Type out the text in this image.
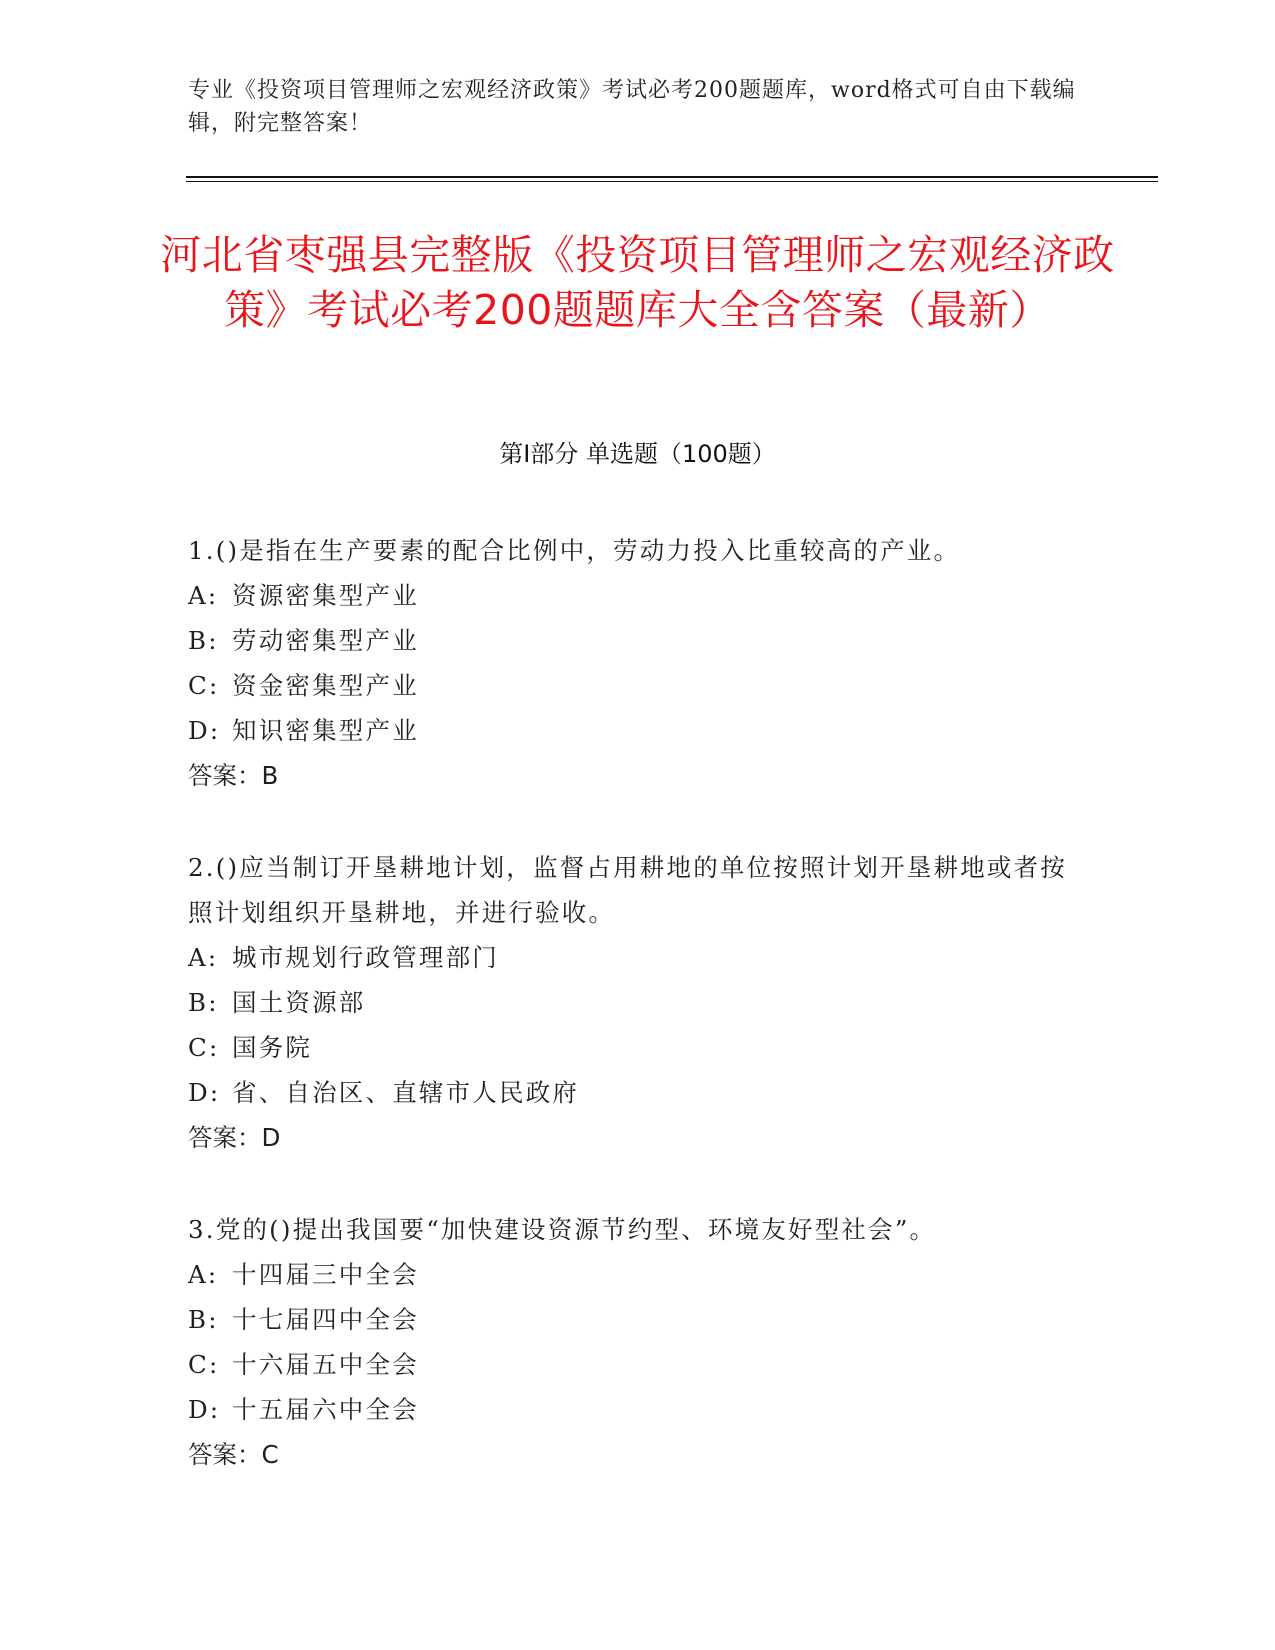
专业《投资项目管理师之宏观经济政策》考试必考200题题库，word格式可自由下载编辑，附完整答案！
河北省枣强县完整版《投资项目管理师之宏观经济政策》考试必考200题题库大全含答案（最新）
第I部分 单选题（100题）
1.()是指在生产要素的配合比例中，劳动力投入比重较高的产业。
A: 资源密集型产业
B: 劳动密集型产业
C: 资金密集型产业
D: 知识密集型产业
答案：B
2.()应当制订开垦耕地计划，监督占用耕地的单位按照计划开垦耕地或者按照计划组织开垦耕地，并进行验收。
A: 城市规划行政管理部门
B: 国土资源部
C: 国务院
D: 省、自治区、直辖市人民政府
答案：D
3.党的()提出我国要“加快建设资源节约型、环境友好型社会”。
A: 十四届三中全会
B: 十七届四中全会
C: 十六届五中全会
D: 十五届六中全会
答案：C
